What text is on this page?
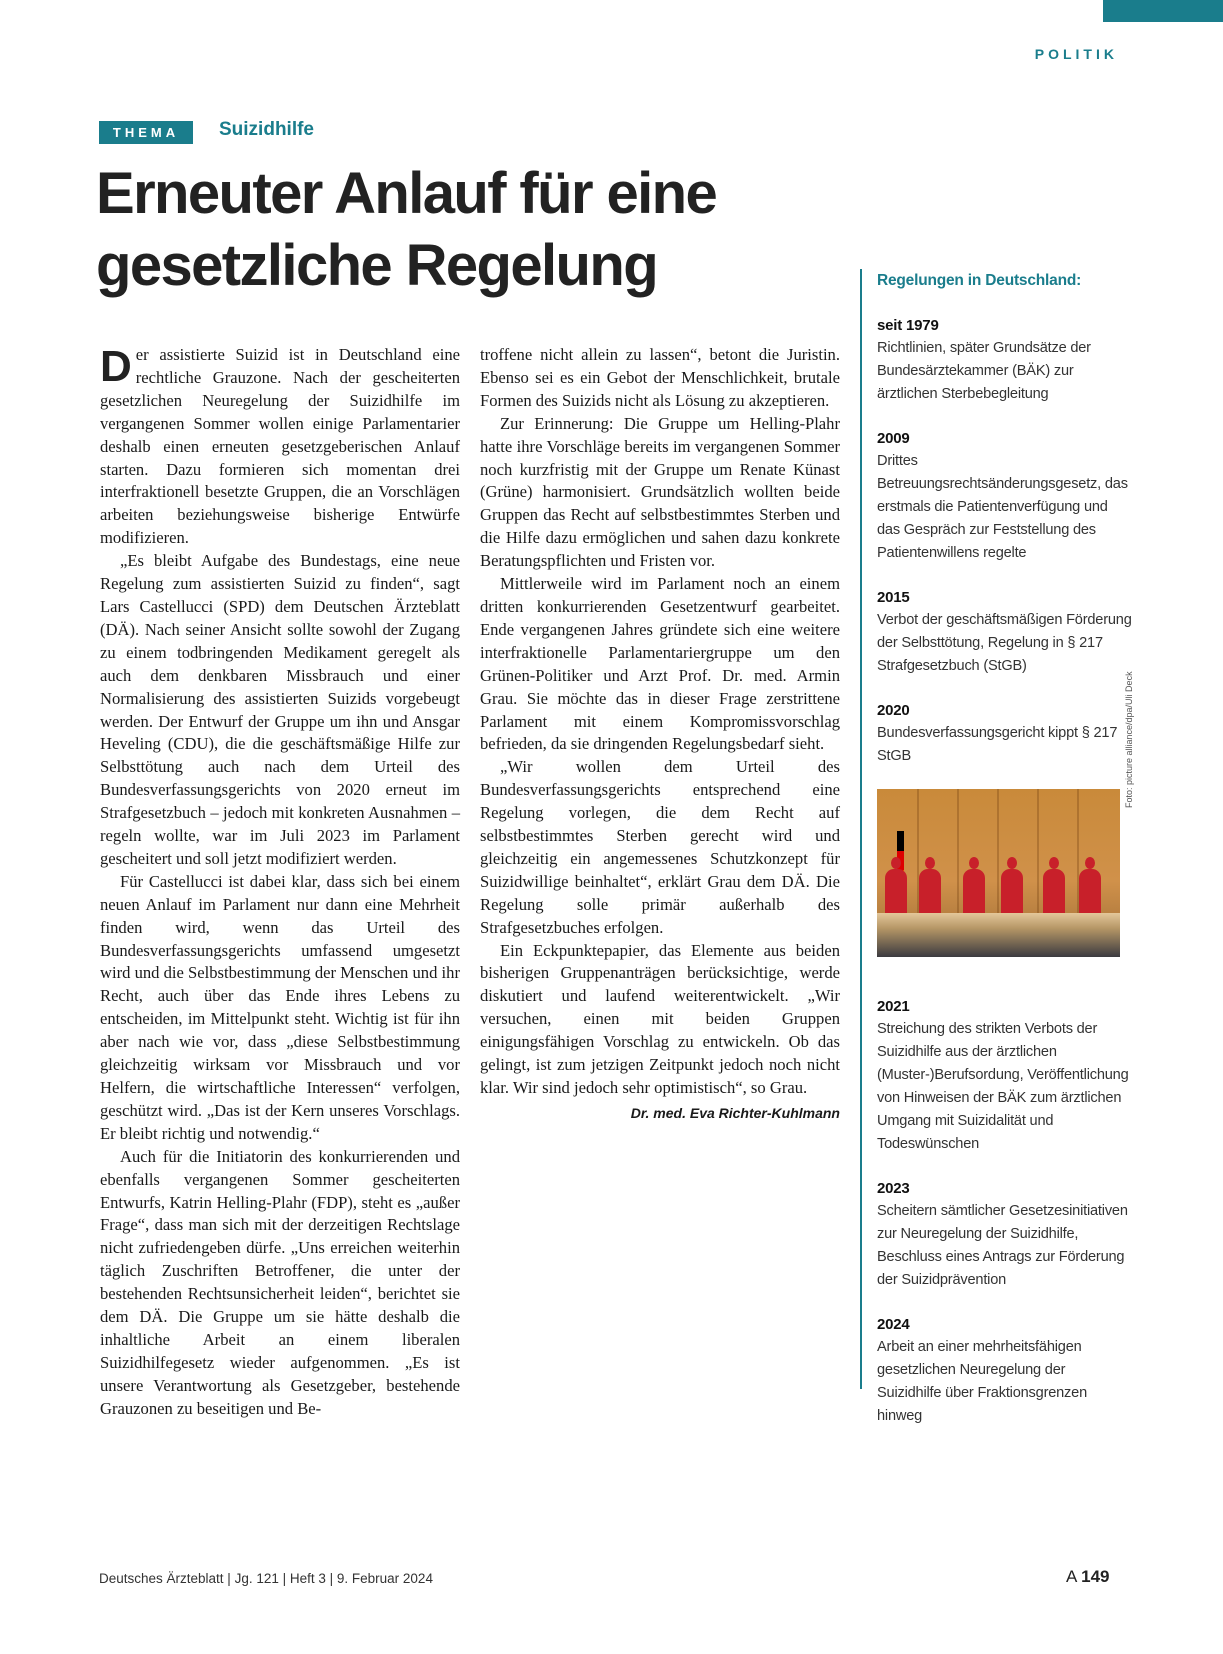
POLITIK
THEMA	Suizidhilfe
Erneuter Anlauf für eine
gesetzliche Regelung

Der assistierte Suizid ist in Deutschland eine rechtliche Grauzone. Nach der gescheiterten gesetzlichen Neuregelung der Suizidhilfe im vergangenen Sommer wollen einige Parlamentarier deshalb einen erneuten gesetzgeberischen Anlauf starten. Dazu formieren sich momentan drei interfraktionell besetzte Gruppen, die an Vorschlägen arbeiten beziehungsweise bisherige Entwürfe modifizieren.

„Es bleibt Aufgabe des Bundestags, eine neue Regelung zum assistierten Suizid zu finden“, sagt Lars Castellucci (SPD) dem Deutschen Ärzteblatt (DÄ). Nach seiner Ansicht sollte sowohl der Zugang zu einem todbringenden Medikament geregelt als auch dem denkbaren Missbrauch und einer Normalisierung des assistierten Suizids vorgebeugt werden. Der Entwurf der Gruppe um ihn und Ansgar Heveling (CDU), die die geschäftsmäßige Hilfe zur Selbsttötung auch nach dem Urteil des Bundesverfassungsgerichts von 2020 erneut im Strafgesetzbuch – jedoch mit konkreten Ausnahmen – regeln wollte, war im Juli 2023 im Parlament gescheitert und soll jetzt modifiziert werden.

Für Castellucci ist dabei klar, dass sich bei einem neuen Anlauf im Parlament nur dann eine Mehrheit finden wird, wenn das Urteil des Bundesverfassungsgerichts umfassend umgesetzt wird und die Selbstbestimmung der Menschen und ihr Recht, auch über das Ende ihres Lebens zu entscheiden, im Mittelpunkt steht. Wichtig ist für ihn aber nach wie vor, dass „diese Selbstbestimmung gleichzeitig wirksam vor Missbrauch und vor Helfern, die wirtschaftliche Interessen“ verfolgen, geschützt wird. „Das ist der Kern unseres Vorschlags. Er bleibt richtig und notwendig.“

Auch für die Initiatorin des konkurrierenden und ebenfalls vergangenen Sommer gescheiterten Entwurfs, Katrin Helling-Plahr (FDP), steht es „außer Frage“, dass man sich mit der derzeitigen Rechtslage nicht zufriedengeben dürfe. „Uns erreichen weiterhin täglich Zuschriften Betroffener, die unter der bestehenden Rechtsunsicherheit leiden“, berichtet sie dem DÄ. Die Gruppe um sie hätte deshalb die inhaltliche Arbeit an einem liberalen Suizidhilfegesetz wieder aufgenommen. „Es ist unsere Verantwortung als Gesetzgeber, bestehende Grauzonen zu beseitigen und Be-

troffene nicht allein zu lassen“, betont die Juristin. Ebenso sei es ein Gebot der Menschlichkeit, brutale Formen des Suizids nicht als Lösung zu akzeptieren.

Zur Erinnerung: Die Gruppe um Helling-Plahr hatte ihre Vorschläge bereits im vergangenen Sommer noch kurzfristig mit der Gruppe um Renate Künast (Grüne) harmonisiert. Grundsätzlich wollten beide Gruppen das Recht auf selbstbestimmtes Sterben und die Hilfe dazu ermöglichen und sahen dazu konkrete Beratungspflichten und Fristen vor.

Mittlerweile wird im Parlament noch an einem dritten konkurrierenden Gesetzentwurf gearbeitet. Ende vergangenen Jahres gründete sich eine weitere interfraktionelle Parlamentariergruppe um den Grünen-Politiker und Arzt Prof. Dr. med. Armin Grau. Sie möchte das in dieser Frage zerstrittene Parlament mit einem Kompromissvorschlag befrieden, da sie dringenden Regelungsbedarf sieht.

„Wir wollen dem Urteil des Bundesverfassungsgerichts entsprechend eine Regelung vorlegen, die dem Recht auf selbstbestimmtes Sterben gerecht wird und gleichzeitig ein angemessenes Schutzkonzept für Suizidwillige beinhaltet“, erklärt Grau dem DÄ. Die Regelung solle primär außerhalb des Strafgesetzbuches erfolgen.

Ein Eckpunktepapier, das Elemente aus beiden bisherigen Gruppenanträgen berücksichtige, werde diskutiert und laufend weiterentwickelt. „Wir versuchen, einen mit beiden Gruppen einigungsfähigen Vorschlag zu entwickeln. Ob das gelingt, ist zum jetzigen Zeitpunkt jedoch noch nicht klar. Wir sind jedoch sehr optimistisch“, so Grau.

Dr. med. Eva Richter-Kuhlmann
Regelungen in Deutschland:
seit 1979
Richtlinien, später Grundsätze der Bundesärztekammer (BÄK) zur ärztlichen Sterbebegleitung
2009
Drittes Betreuungsrechtsänderungsgesetz, das erstmals die Patientenverfügung und das Gespräch zur Feststellung des Patientenwillens regelte
2015
Verbot der geschäftsmäßigen Förderung der Selbsttötung, Regelung in § 217 Strafgesetzbuch (StGB)
2020
Bundesverfassungsgericht kippt § 217 StGB
2021
Streichung des strikten Verbots der Suizidhilfe aus der ärztlichen (Muster-)Berufsordung, Veröffentlichung von Hinweisen der BÄK zum ärztlichen Umgang mit Suizidalität und Todeswünschen
2023
Scheitern sämtlicher Gesetzesinitiativen zur Neuregelung der Suizidhilfe, Beschluss eines Antrags zur Förderung der Suizidprävention
2024
Arbeit an einer mehrheitsfähigen gesetzlichen Neuregelung der Suizidhilfe über Fraktionsgrenzen hinweg
Foto: picture alliance/dpa/Uli Deck
Deutsches Ärzteblatt | Jg. 121 | Heft 3 | 9. Februar 2024	A 149
